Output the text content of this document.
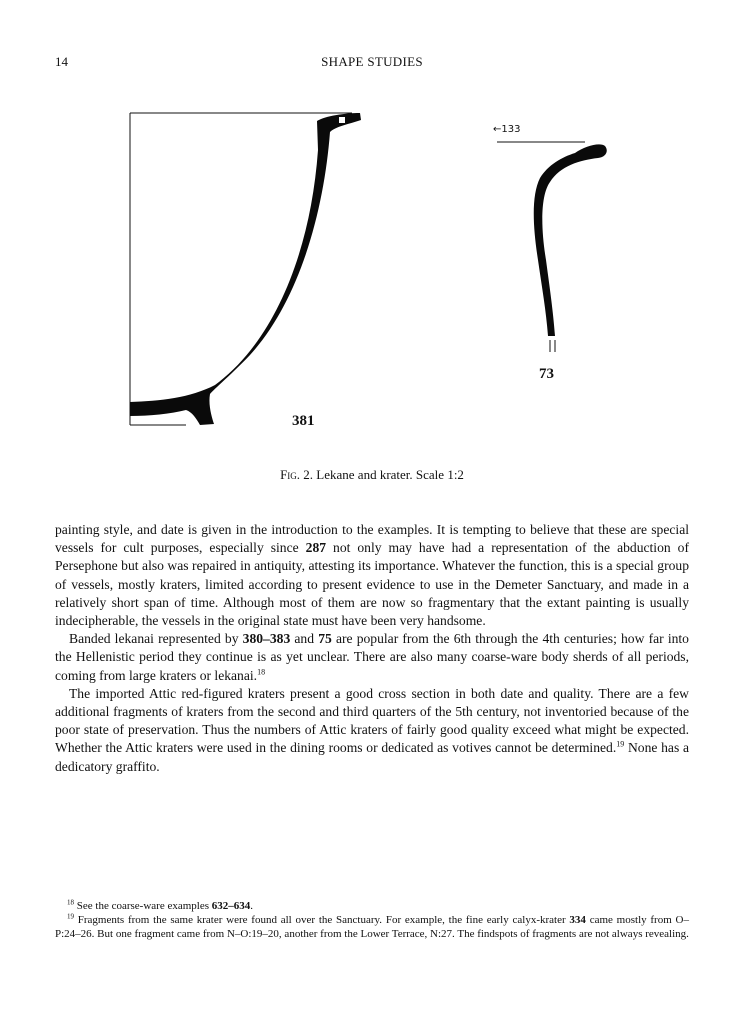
14	SHAPE STUDIES
←133
381
73
Fig. 2. Lekane and krater. Scale 1:2

painting style, and date is given in the introduction to the examples. It is tempting to believe that these are special vessels for cult purposes, especially since 287 not only may have had a representation of the abduction of Persephone but also was repaired in antiquity, attesting its importance. Whatever the function, this is a special group of vessels, mostly kraters, limited according to present evidence to use in the Demeter Sanctuary, and made in a relatively short span of time. Although most of them are now so fragmentary that the extant painting is usually indecipherable, the vessels in the original state must have been very handsome.

Banded lekanai represented by 380–383 and 75 are popular from the 6th through the 4th centuries; how far into the Hellenistic period they continue is as yet unclear. There are also many coarse-ware body sherds of all periods, coming from large kraters or lekanai.$^{18}$

The imported Attic red-figured kraters present a good cross section in both date and quality. There are a few additional fragments of kraters from the second and third quarters of the 5th century, not inventoried because of the poor state of preservation. Thus the numbers of Attic kraters of fairly good quality exceed what might be expected. Whether the Attic kraters were used in the dining rooms or dedicated as votives cannot be determined.$^{19}$ None has a dedicatory graffito.

$^{18}$ See the coarse-ware examples 632–634.

$^{19}$ Fragments from the same krater were found all over the Sanctuary. For example, the fine early calyx-krater 334 came mostly from O–P:24–26. But one fragment came from N–O:19–20, another from the Lower Terrace, N:27. The findspots of fragments are not always revealing.
